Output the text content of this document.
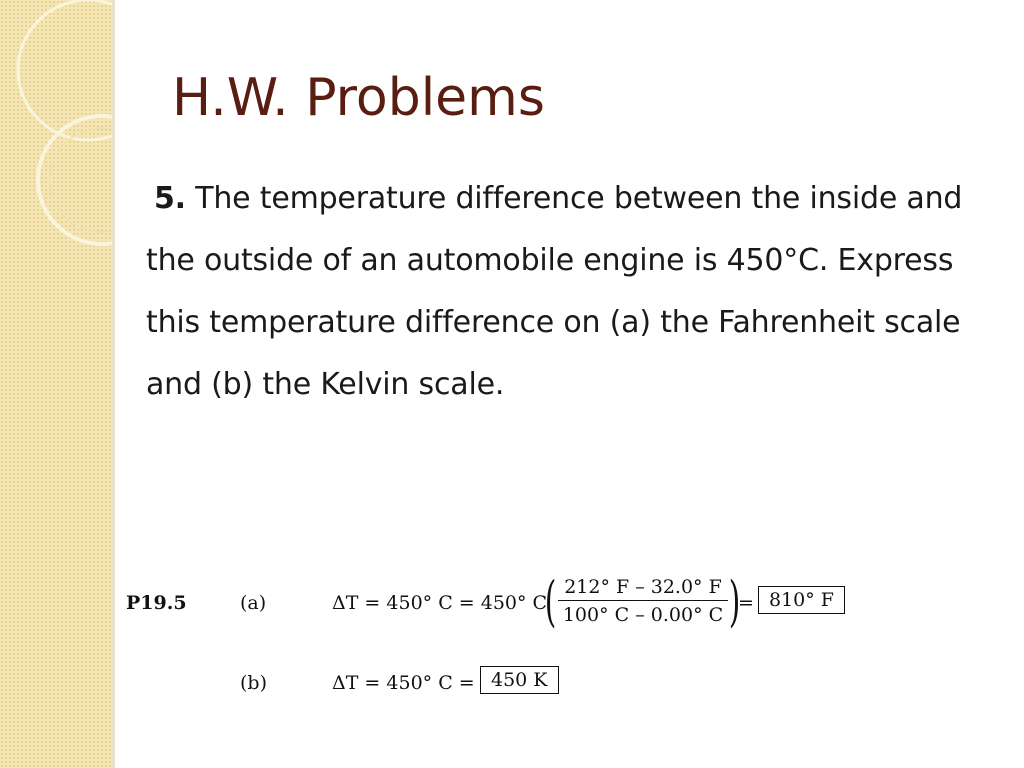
H.W. Problems
5. The temperature difference between the inside and the outside of an automobile engine is 450°C. Express this temperature difference on (a) the Fahrenheit scale and (b) the Kelvin scale.
P19.5	(a)	ΔT = 450° C = 450° C
( $\frac{212^\circ F - 32.0^\circ F}{100^\circ C - 0.00^\circ C}$ )
= 810° F
(b)	ΔT = 450° C = 450 K
